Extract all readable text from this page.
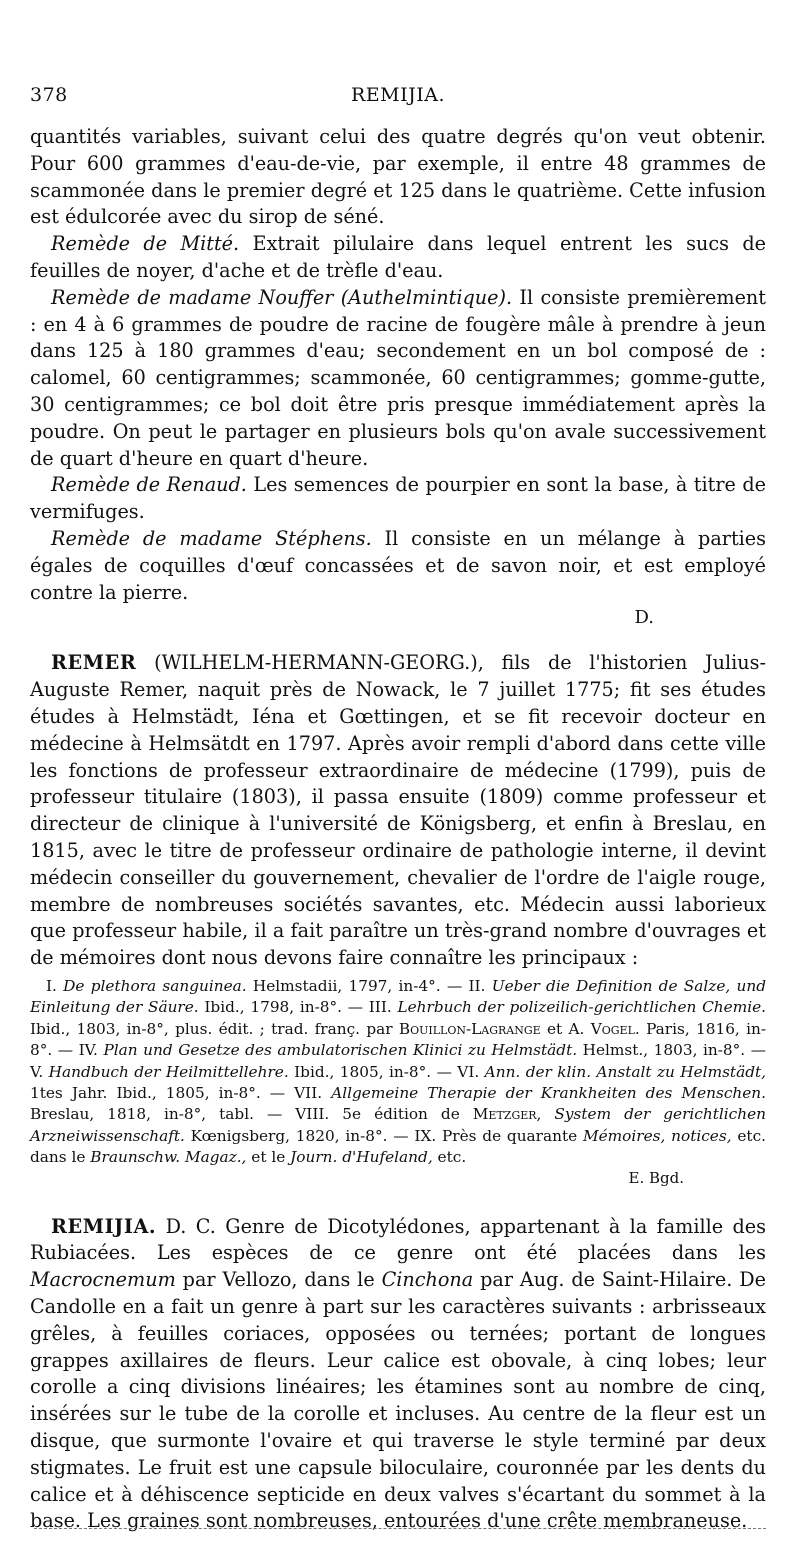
378	REMIJIA.

quantités variables, suivant celui des quatre degrés qu'on veut obtenir. Pour 600 grammes d'eau-de-vie, par exemple, il entre 48 grammes de scammonée dans le premier degré et 125 dans le quatrième. Cette infusion est édulcorée avec du sirop de séné.

Remède de Mitté. Extrait pilulaire dans lequel entrent les sucs de feuilles de noyer, d'ache et de trèfle d'eau.

Remède de madame Nouffer (Authelmintique). Il consiste premièrement : en 4 à 6 grammes de poudre de racine de fougère mâle à prendre à jeun dans 125 à 180 grammes d'eau; secondement en un bol composé de : calomel, 60 centigrammes; scammonée, 60 centigrammes; gomme-gutte, 30 centigrammes; ce bol doit être pris presque immédiatement après la poudre. On peut le partager en plusieurs bols qu'on avale successivement de quart d'heure en quart d'heure.

Remède de Renaud. Les semences de pourpier en sont la base, à titre de vermifuges.

Remède de madame Stéphens. Il consiste en un mélange à parties égales de coquilles d'œuf concassées et de savon noir, et est employé contre la pierre.

D.

REMER (WILHELM-HERMANN-GEORG.), fils de l'historien Julius-Auguste Remer, naquit près de Nowack, le 7 juillet 1775; fit ses études études à Helmstädt, Iéna et Gœttingen, et se fit recevoir docteur en médecine à Helmsätdt en 1797. Après avoir rempli d'abord dans cette ville les fonctions de professeur extraordinaire de médecine (1799), puis de professeur titulaire (1803), il passa ensuite (1809) comme professeur et directeur de clinique à l'université de Königsberg, et enfin à Breslau, en 1815, avec le titre de professeur ordinaire de pathologie interne, il devint médecin conseiller du gouvernement, chevalier de l'ordre de l'aigle rouge, membre de nombreuses sociétés savantes, etc. Médecin aussi laborieux que professeur habile, il a fait paraître un très-grand nombre d'ouvrages et de mémoires dont nous devons faire connaître les principaux :

I. De plethora sanguinea. Helmstadii, 1797, in-4°. — II. Ueber die Definition de Salze, und Einleitung der Säure. Ibid., 1798, in-8°. — III. Lehrbuch der polizeilich-gerichtlichen Chemie. Ibid., 1803, in-8°, plus. édit. ; trad. franç. par Bouillon-Lagrange et A. Vogel. Paris, 1816, in-8°. — IV. Plan und Gesetze des ambulatorischen Klinici zu Helmstädt. Helmst., 1803, in-8°. — V. Handbuch der Heilmittellehre. Ibid., 1805, in-8°. — VI. Ann. der klin. Anstalt zu Helmstädt, 1tes Jahr. Ibid., 1805, in-8°. — VII. Allgemeine Therapie der Krankheiten des Menschen. Breslau, 1818, in-8°, tabl. — VIII. 5e édition de Metzger, System der gerichtlichen Arzneiwissenschaft. Kœnigsberg, 1820, in-8°. — IX. Près de quarante Mémoires, notices, etc. dans le Braunschw. Magaz., et le Journ. d'Hufeland, etc.

E. Bgd.

REMIJIA. D. C. Genre de Dicotylédones, appartenant à la famille des Rubiacées. Les espèces de ce genre ont été placées dans les Macrocnemum par Vellozo, dans le Cinchona par Aug. de Saint-Hilaire. De Candolle en a fait un genre à part sur les caractères suivants : arbrisseaux grêles, à feuilles coriaces, opposées ou ternées; portant de longues grappes axillaires de fleurs. Leur calice est obovale, à cinq lobes; leur corolle a cinq divisions linéaires; les étamines sont au nombre de cinq, insérées sur le tube de la corolle et incluses. Au centre de la fleur est un disque, que surmonte l'ovaire et qui traverse le style terminé par deux stigmates. Le fruit est une capsule biloculaire, couronnée par les dents du calice et à déhiscence septicide en deux valves s'écartant du sommet à la base. Les graines sont nombreuses, entourées d'une crête membraneuse.
